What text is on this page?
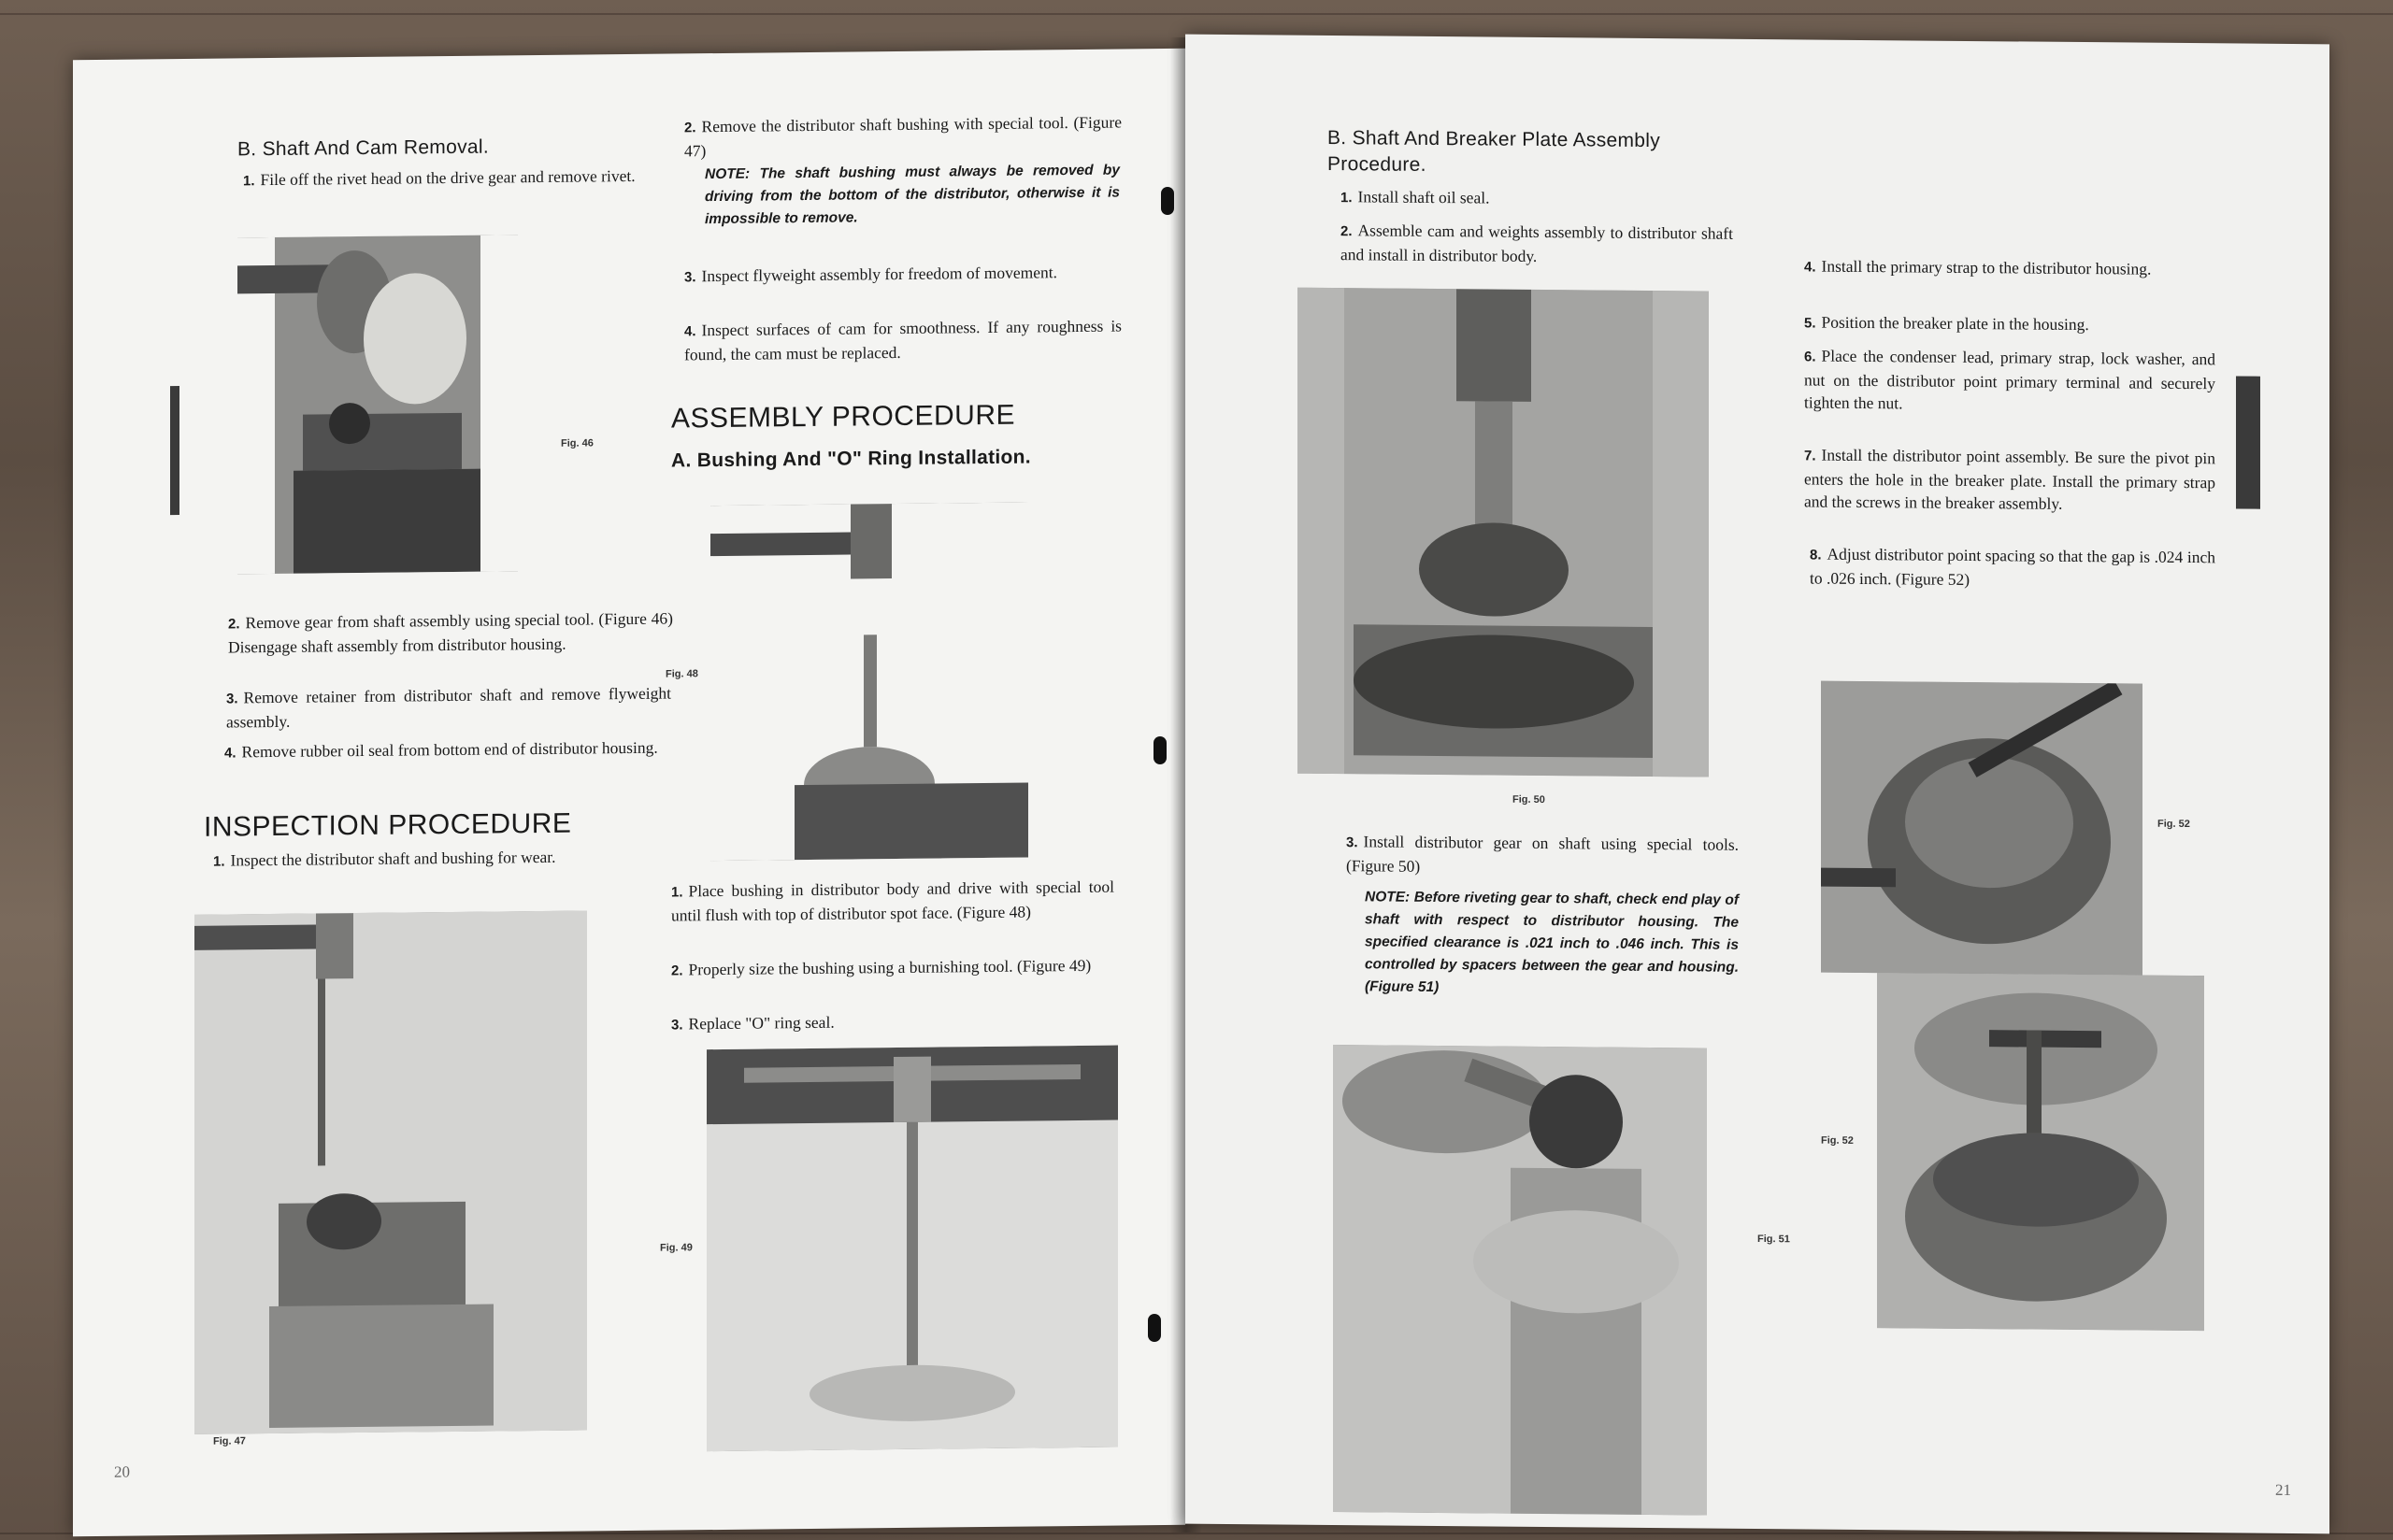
B. Shaft And Cam Removal.
1. File off the rivet head on the drive gear and remove rivet.
Fig. 46
2. Remove gear from shaft assembly using special tool. (Figure 46) Disengage shaft assembly from distributor housing.
3. Remove retainer from distributor shaft and remove flyweight assembly.
4. Remove rubber oil seal from bottom end of distributor housing.
INSPECTION PROCEDURE
1. Inspect the distributor shaft and bushing for wear.
Fig. 47
20
2. Remove the distributor shaft bushing with special tool. (Figure 47)
NOTE: The shaft bushing must always be removed by driving from the bottom of the distributor, otherwise it is impossible to remove.
3. Inspect flyweight assembly for freedom of movement.
4. Inspect surfaces of cam for smoothness. If any roughness is found, the cam must be replaced.
ASSEMBLY PROCEDURE
A. Bushing And "O" Ring Installation.
Fig. 48
1. Place bushing in distributor body and drive with special tool until flush with top of distributor spot face. (Figure 48)
2. Properly size the bushing using a burnishing tool. (Figure 49)
3. Replace "O" ring seal.
Fig. 49
B. Shaft And Breaker Plate Assembly Procedure.
1. Install shaft oil seal.
2. Assemble cam and weights assembly to distributor shaft and install in distributor body.
Fig. 50
3. Install distributor gear on shaft using special tools. (Figure 50)
NOTE: Before riveting gear to shaft, check end play of shaft with respect to distributor housing. The specified clearance is .021 inch to .046 inch. This is controlled by spacers between the gear and housing. (Figure 51)
Fig. 51
4. Install the primary strap to the distributor housing.
5. Position the breaker plate in the housing.
6. Place the condenser lead, primary strap, lock washer, and nut on the distributor point primary terminal and securely tighten the nut.
7. Install the distributor point assembly. Be sure the pivot pin enters the hole in the breaker plate. Install the primary strap and the screws in the breaker assembly.
8. Adjust distributor point spacing so that the gap is .024 inch to .026 inch. (Figure 52)
Fig. 52
Fig. 52
21
